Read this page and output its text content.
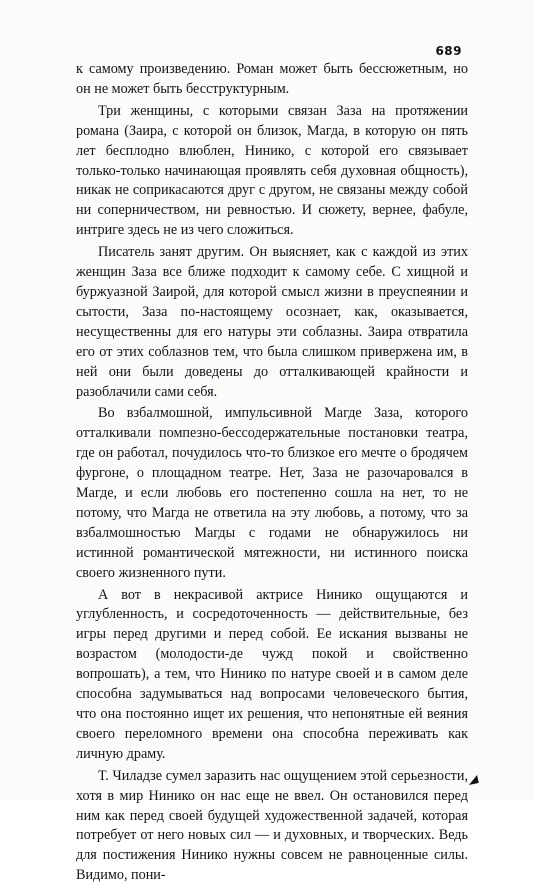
689

к самому произведению. Роман может быть бессюжетным, но он не может быть бесструктурным.

Три женщины, с которыми связан Заза на протяжении романа (Заира, с которой он близок, Магда, в которую он пять лет бесплодно влюблен, Нинико, с которой его связывает только-только начинающая проявлять себя духовная общность), никак не соприкасаются друг с другом, не связаны между собой ни соперничеством, ни ревностью. И сюжету, вернее, фабуле, интриге здесь не из чего сложиться.

Писатель занят другим. Он выясняет, как с каждой из этих женщин Заза все ближе подходит к самому себе. С хищной и буржуазной Заирой, для которой смысл жизни в преуспеянии и сытости, Заза по-настоящему осознает, как, оказывается, несущественны для его натуры эти соблазны. Заира отвратила его от этих соблазнов тем, что была слишком привержена им, в ней они были доведены до отталкивающей крайности и разоблачили сами себя.

Во взбалмошной, импульсивной Магде Заза, которого отталкивали помпезно-бессодержательные постановки театра, где он работал, почудилось что-то близкое его мечте о бродячем фургоне, о площадном театре. Нет, Заза не разочаровался в Магде, и если любовь его постепенно сошла на нет, то не потому, что Магда не ответила на эту любовь, а потому, что за взбалмошностью Магды с годами не обнаружилось ни истинной романтической мятежности, ни истинного поиска своего жизненного пути.

А вот в некрасивой актрисе Нинико ощущаются и углубленность, и сосредоточенность — действительные, без игры перед другими и перед собой. Ее искания вызваны не возрастом (молодости-де чужд покой и свойственно вопрошать), а тем, что Нинико по натуре своей и в самом деле способна задумываться над вопросами человеческого бытия, что она постоянно ищет их решения, что непонятные ей веяния своего переломного времени она способна переживать как личную драму.

Т. Чиладзе сумел заразить нас ощущением этой серьезности, хотя в мир Нинико он нас еще не ввел. Он остановился перед ним как перед своей будущей художественной задачей, которая потребует от него новых сил — и духовных, и творческих. Ведь для постижения Нинико нужны совсем не равноценные силы. Видимо, пони-
